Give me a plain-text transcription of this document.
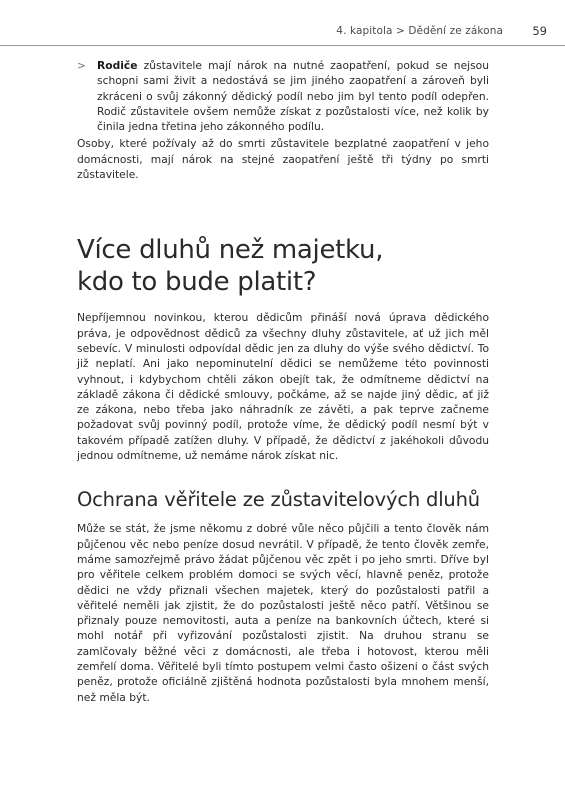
4. kapitola > Dědění ze zákona	59

> Rodiče zůstavitele mají nárok na nutné zaopatření, pokud se nejsou schopni sami živit a nedostává se jim jiného zaopatření a zároveň byli zkráceni o svůj zákonný dědický podíl nebo jim byl tento podíl odepřen. Rodič zůstavitele ovšem nemůže získat z pozůstalosti více, než kolik by činila jedna třetina jeho zákonného podílu.

Osoby, které požívaly až do smrti zůstavitele bezplatné zaopatření v jeho domácnosti, mají nárok na stejné zaopatření ještě tři týdny po smrti zůstavitele.

Více dluhů než majetku,
kdo to bude platit?

Nepříjemnou novinkou, kterou dědicům přináší nová úprava dědického práva, je odpovědnost dědiců za všechny dluhy zůstavitele, ať už jich měl sebevíc. V minulosti odpovídal dědic jen za dluhy do výše svého dědictví. To již neplatí. Ani jako nepominutelní dědici se nemůžeme této povinnosti vyhnout, i kdybychom chtěli zákon obejít tak, že odmítneme dědictví na základě zákona či dědické smlouvy, počkáme, až se najde jiný dědic, ať již ze zákona, nebo třeba jako náhradník ze závěti, a pak teprve začneme požadovat svůj povinný podíl, protože víme, že dědický podíl nesmí být v takovém případě zatížen dluhy. V případě, že dědictví z jakéhokoli důvodu jednou odmítneme, už nemáme nárok získat nic.

Ochrana věřitele ze zůstavitelových dluhů

Může se stát, že jsme někomu z dobré vůle něco půjčili a tento člověk nám půjčenou věc nebo peníze dosud nevrátil. V případě, že tento člověk zemře, máme samozřejmě právo žádat půjčenou věc zpět i po jeho smrti. Dříve byl pro věřitele celkem problém domoci se svých věcí, hlavně peněz, protože dědici ne vždy přiznali všechen majetek, který do pozůstalosti patřil a věřitelé neměli jak zjistit, že do pozůstalosti ještě něco patří. Většinou se přiznaly pouze nemovitosti, auta a peníze na bankovních účtech, které si mohl notář při vyřizování pozůstalosti zjistit. Na druhou stranu se zamlčovaly běžné věci z domácnosti, ale třeba i hotovost, kterou měli zemřelí doma. Věřitelé byli tímto postupem velmi často ošizeni o část svých peněz, protože oficiálně zjištěná hodnota pozůstalosti byla mnohem menší, než měla být.
